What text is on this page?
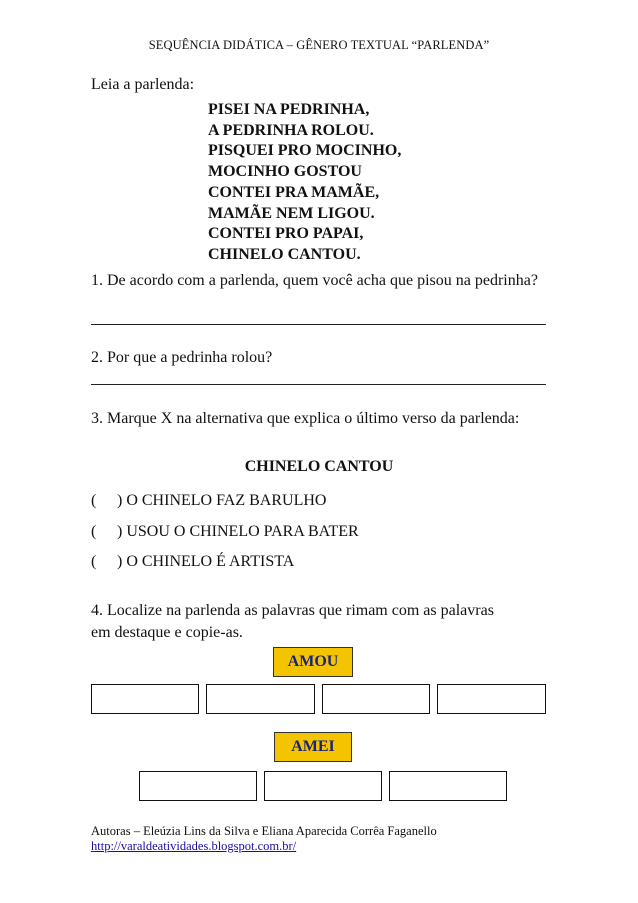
SEQUÊNCIA DIDÁTICA – GÊNERO TEXTUAL “PARLENDA”
Leia a parlenda:
PISEI NA PEDRINHA,
A PEDRINHA ROLOU.
PISQUEI PRO MOCINHO,
MOCINHO GOSTOU
CONTEI PRA MAMÃE,
MAMÃE NEM LIGOU.
CONTEI PRO PAPAI,
CHINELO CANTOU.
1. De acordo com a parlenda, quem você acha que pisou na pedrinha?
2. Por que a pedrinha rolou?
3. Marque X na alternativa que explica o último verso da parlenda:
CHINELO CANTOU
( ) O CHINELO FAZ BARULHO
( ) USOU O CHINELO PARA BATER
( ) O CHINELO É ARTISTA
4. Localize na parlenda as palavras que rimam com as palavras
em destaque e copie-as.
AMOU
AMEI
Autoras – Eleúzia Lins da Silva e Eliana Aparecida Corrêa Faganello
http://varaldeatividades.blogspot.com.br/
